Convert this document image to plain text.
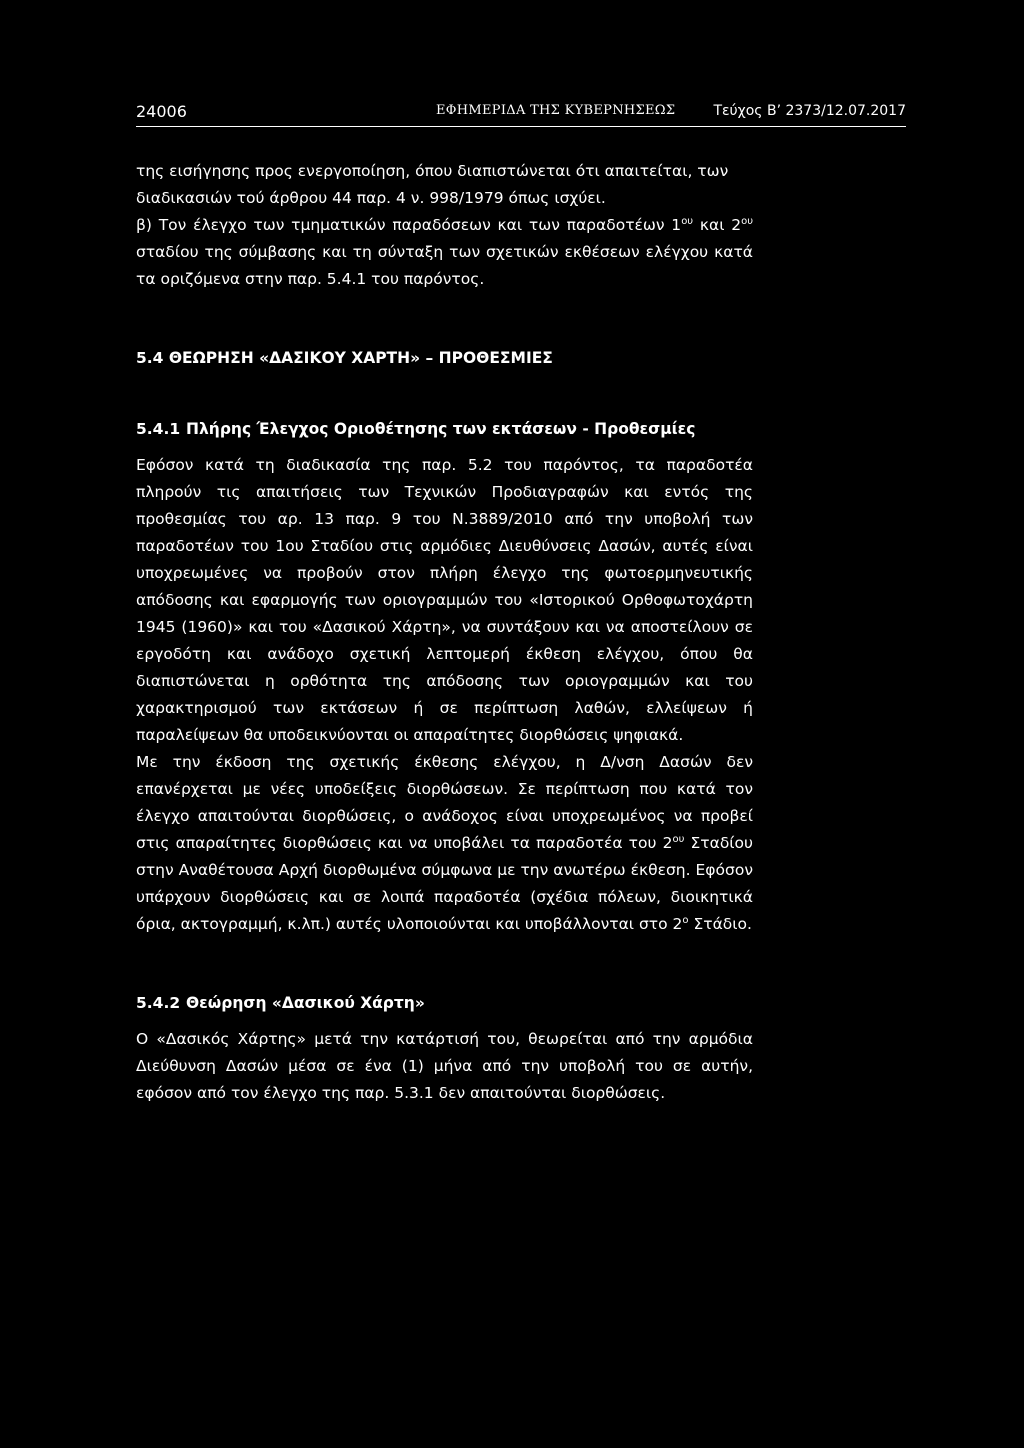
24006	ΕΦΗΜΕΡΙΔΑ ΤΗΣ ΚΥΒΕΡΝΗΣΕΩΣ	Τεύχος Β’ 2373/12.07.2017

της εισήγησης προς ενεργοποίηση, όπου διαπιστώνεται ότι απαιτείται, των διαδικασιών τού άρθρου 44 παρ. 4 ν. 998/1979 όπως ισχύει.

β) Τον έλεγχο των τμηματικών παραδόσεων και των παραδοτέων $1^{o\upsilon}$ και $2^{o\upsilon}$ σταδίου της σύμβασης και τη σύνταξη των σχετικών εκθέσεων ελέγχου κατά τα οριζόμενα στην παρ. 5.4.1 του παρόντος.

5.4 ΘΕΩΡΗΣΗ «ΔΑΣΙΚΟΥ ΧΑΡΤΗ» – ΠΡΟΘΕΣΜΙΕΣ

5.4.1 Πλήρης Έλεγχος Οριοθέτησης των εκτάσεων - Προθεσμίες

Εφόσον κατά τη διαδικασία της παρ. 5.2 του παρόντος, τα παραδοτέα πληρούν τις απαιτήσεις των Τεχνικών Προδιαγραφών και εντός της προθεσμίας του αρ. 13 παρ. 9 του Ν.3889/2010 από την υποβολή των παραδοτέων του 1ου Σταδίου στις αρμόδιες Διευθύνσεις Δασών, αυτές είναι υποχρεωμένες να προβούν στον πλήρη έλεγχο της φωτοερμηνευτικής απόδοσης και εφαρμογής των οριογραμμών του «Ιστορικού Ορθοφωτοχάρτη 1945 (1960)» και του «Δασικού Χάρτη», να συντάξουν και να αποστείλουν σε εργοδότη και ανάδοχο σχετική λεπτομερή έκθεση ελέγχου, όπου θα διαπιστώνεται η ορθότητα της απόδοσης των οριογραμμών και του χαρακτηρισμού των εκτάσεων ή σε περίπτωση λαθών, ελλείψεων ή παραλείψεων θα υποδεικνύονται οι απαραίτητες διορθώσεις ψηφιακά.

Με την έκδοση της σχετικής έκθεσης ελέγχου, η Δ/νση Δασών δεν επανέρχεται με νέες υποδείξεις διορθώσεων. Σε περίπτωση που κατά τον έλεγχο απαιτούνται διορθώσεις, ο ανάδοχος είναι υποχρεωμένος να προβεί στις απαραίτητες διορθώσεις και να υποβάλει τα παραδοτέα του $2^{o\upsilon}$ Σταδίου στην Αναθέτουσα Αρχή διορθωμένα σύμφωνα με την ανωτέρω έκθεση. Εφόσον υπάρχουν διορθώσεις και σε λοιπά παραδοτέα (σχέδια πόλεων, διοικητικά όρια, ακτογραμμή, κ.λπ.) αυτές υλοποιούνται και υποβάλλονται στο $2^o$ Στάδιο.

5.4.2 Θεώρηση «Δασικού Χάρτη»

Ο «Δασικός Χάρτης» μετά την κατάρτισή του, θεωρείται από την αρμόδια Διεύθυνση Δασών μέσα σε ένα (1) μήνα από την υποβολή του σε αυτήν, εφόσον από τον έλεγχο της παρ. 5.3.1 δεν απαιτούνται διορθώσεις.
